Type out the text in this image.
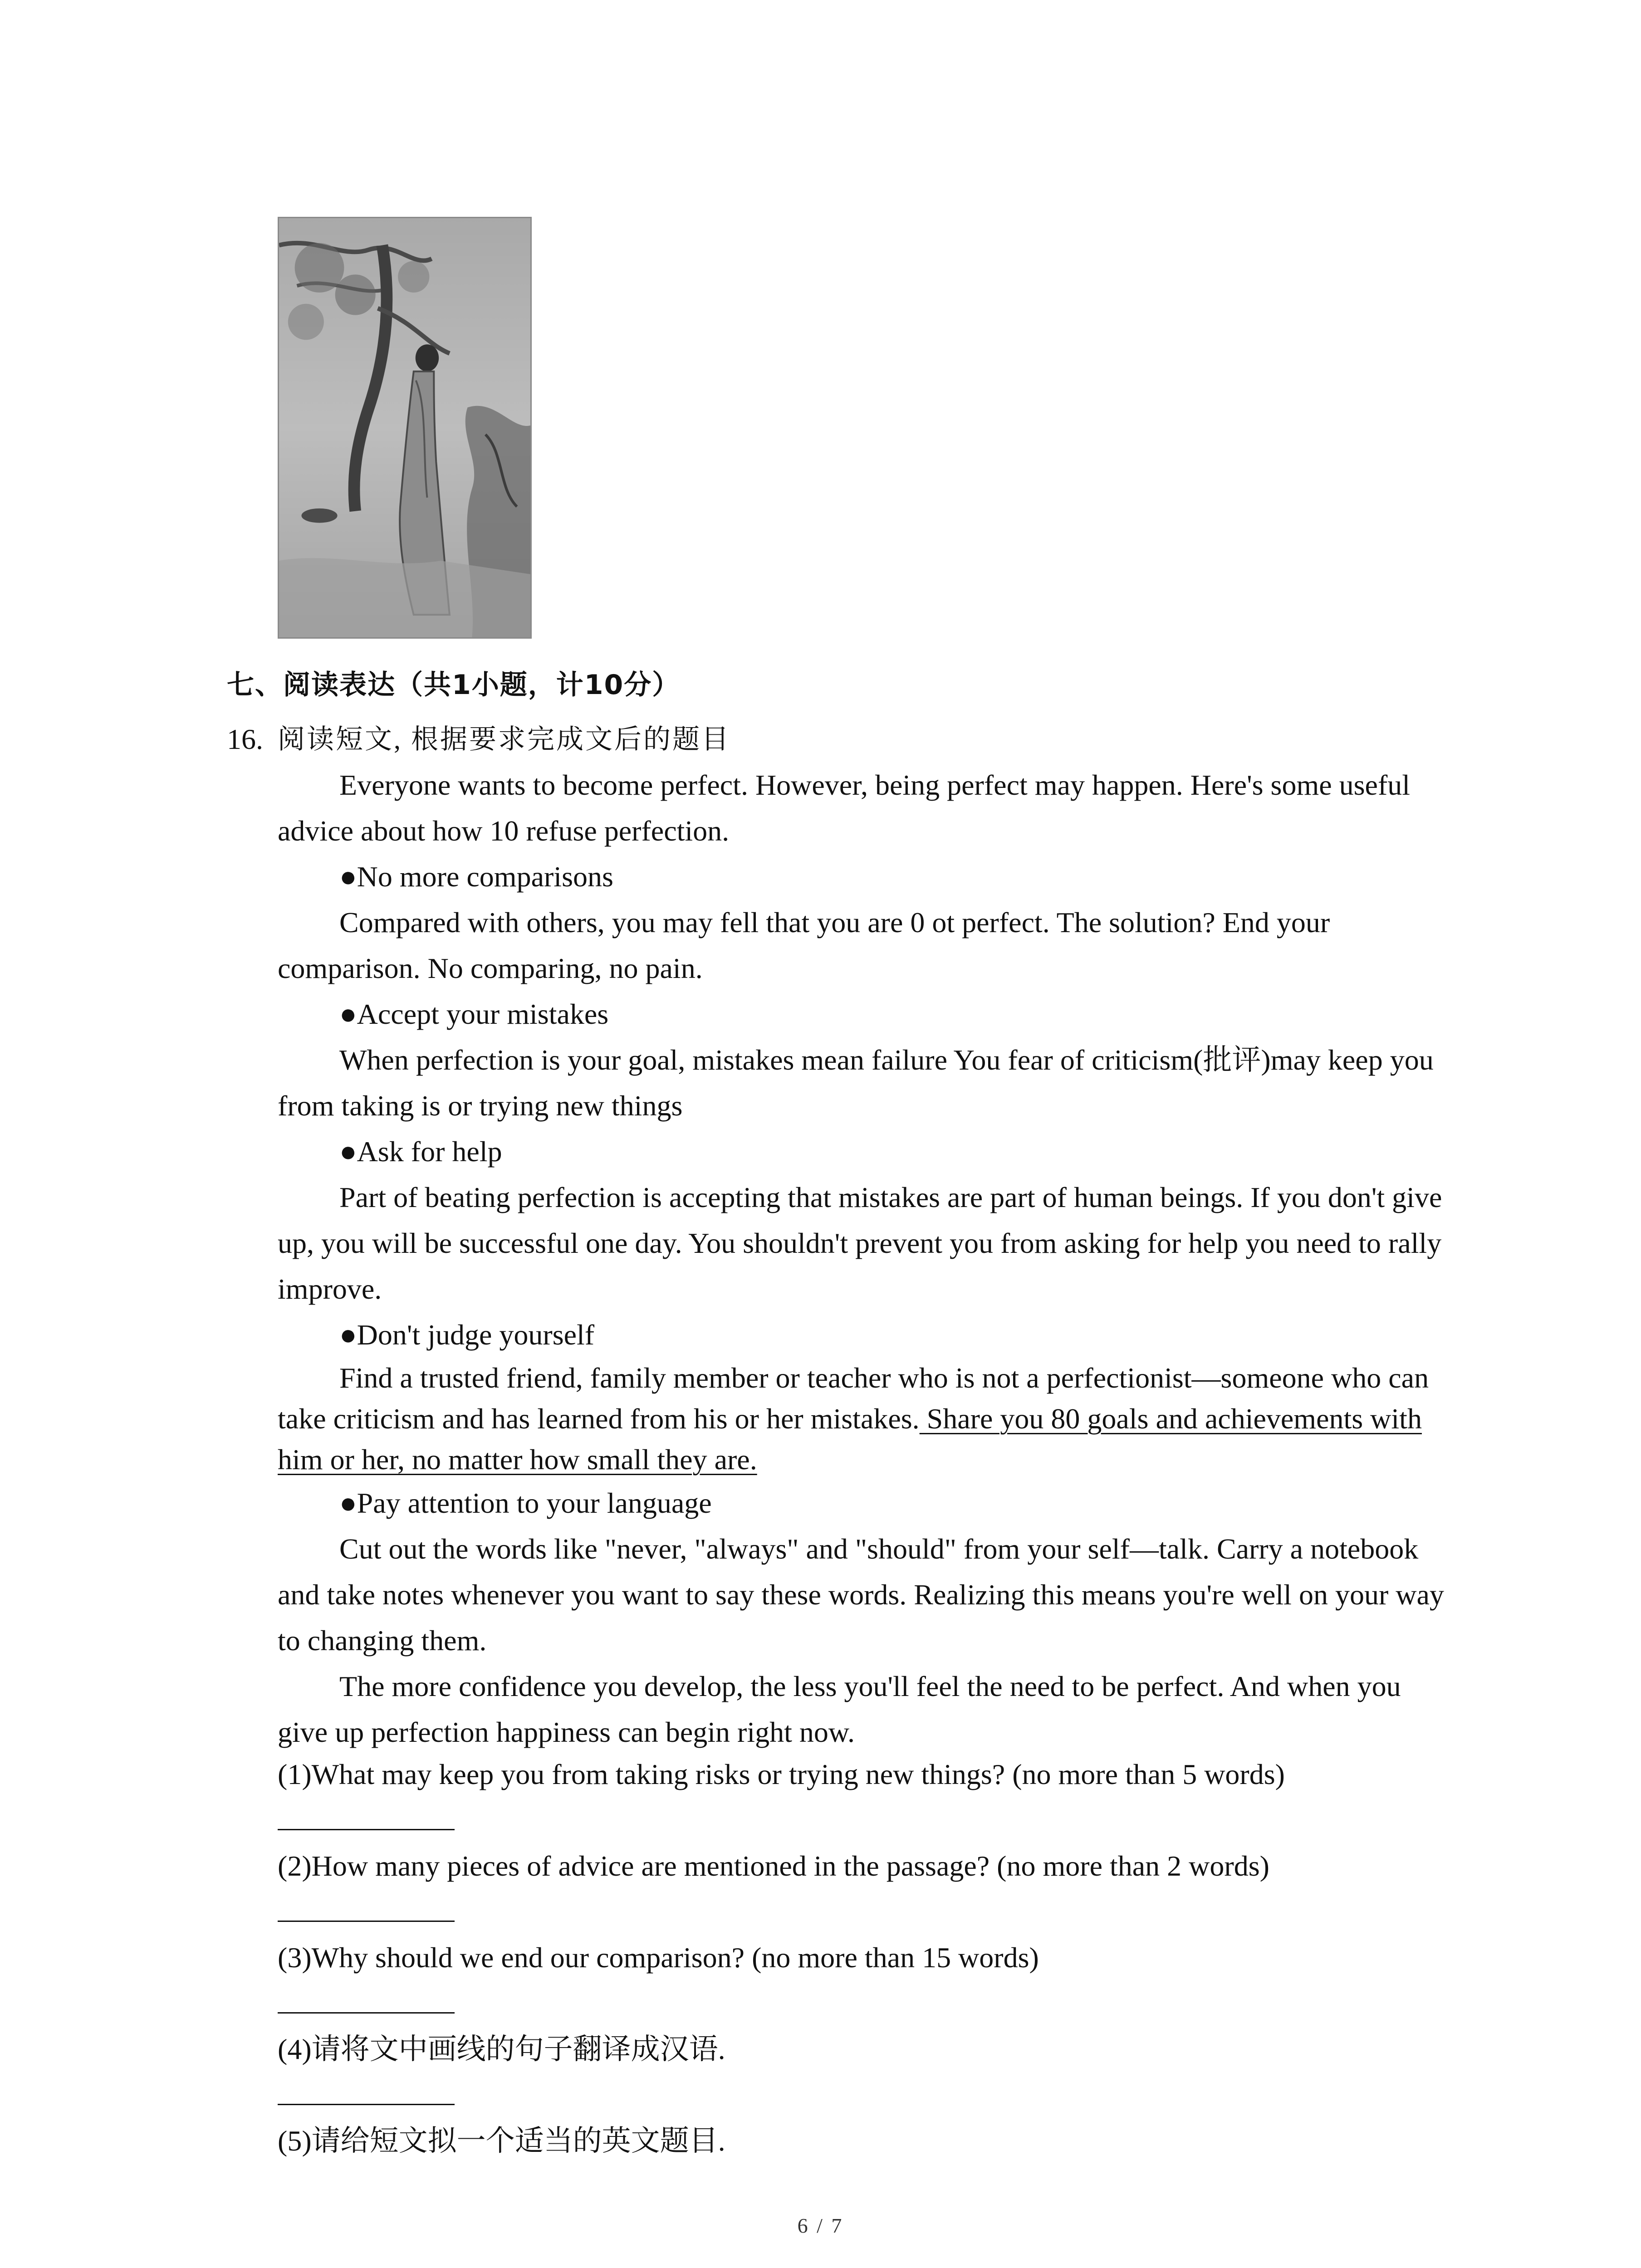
七、阅读表达（共1小题，计10分）
16. 阅读短文, 根据要求完成文后的题目

Everyone wants to become perfect. However, being perfect may happen. Here's some useful advice about how 10 refuse perfection.

●No more comparisons

Compared with others, you may fell that you are 0 ot perfect. The solution? End your comparison. No comparing, no pain.

●Accept your mistakes

When perfection is your goal, mistakes mean failure You fear of criticism(批评)may keep you from taking is or trying new things

●Ask for help

Part of beating perfection is accepting that mistakes are part of human beings. If you don't give up, you will be successful one day. You shouldn't prevent you from asking for help you need to rally improve.

●Don't judge yourself

Find a trusted friend, family member or teacher who is not a perfectionist—someone who can take criticism and has learned from his or her mistakes. Share you 80 goals and achievements with him or her, no matter how small they are.

●Pay attention to your language

Cut out the words like "never, "always" and "should" from your self—talk. Carry a notebook and take notes whenever you want to say these words. Realizing this means you're well on your way to changing them.

The more confidence you develop, the less you'll feel the need to be perfect. And when you give up perfection happiness can begin right now.

(1)What may keep you from taking risks or trying new things? (no more than 5 words)
(2)How many pieces of advice are mentioned in the passage? (no more than 2 words)
(3)Why should we end our comparison? (no more than 15 words)
(4)请将文中画线的句子翻译成汉语.
(5)请给短文拟一个适当的英文题目.
6 / 7
